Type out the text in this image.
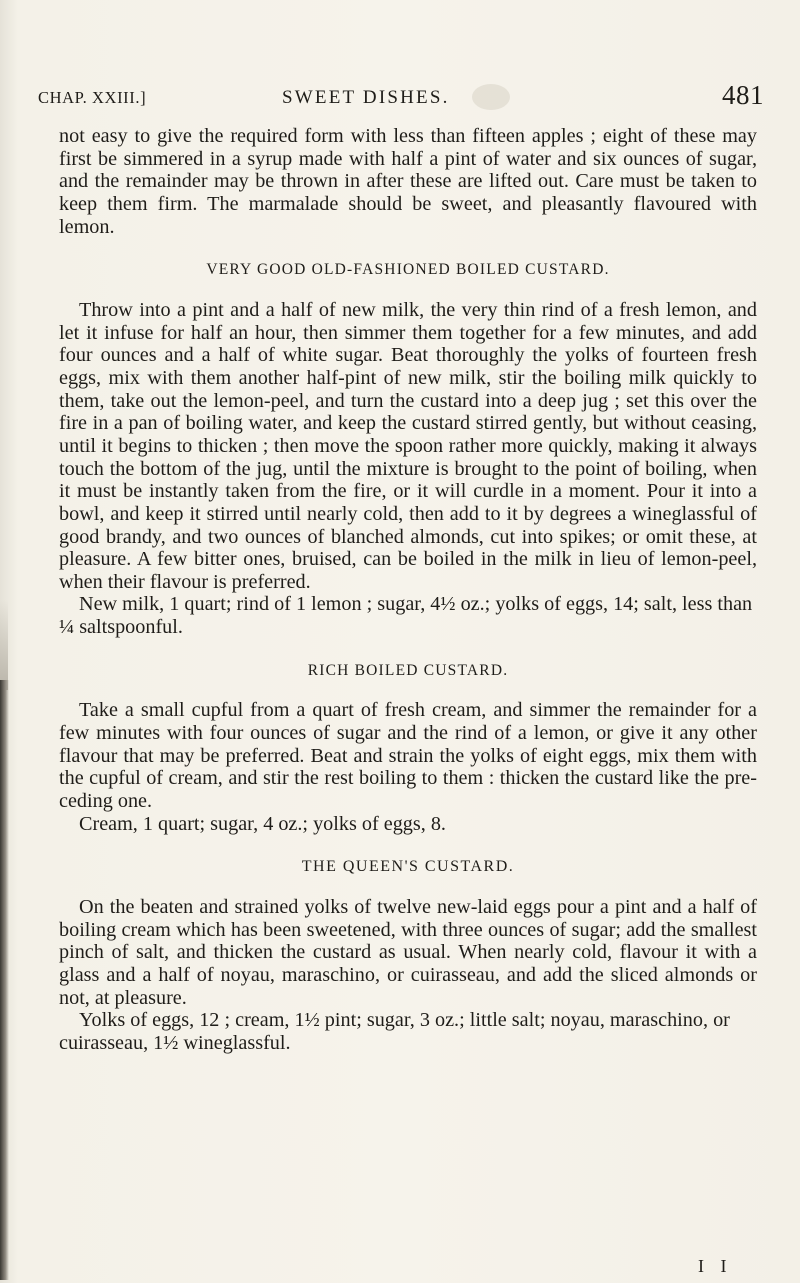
CHAP. XXIII.]	SWEET DISHES.	481

not easy to give the required form with less than fifteen apples ; eight of these may first be simmered in a syrup made with half a pint of water and six ounces of sugar, and the remainder may be thrown in after these are lifted out. Care must be taken to keep them firm. The marmalade should be sweet, and pleasantly flavoured with lemon.

VERY GOOD OLD-FASHIONED BOILED CUSTARD.

Throw into a pint and a half of new milk, the very thin rind of a fresh lemon, and let it infuse for half an hour, then simmer them together for a few minutes, and add four ounces and a half of white sugar. Beat thoroughly the yolks of fourteen fresh eggs, mix with them another half-pint of new milk, stir the boiling milk quickly to them, take out the lemon-peel, and turn the custard into a deep jug ; set this over the fire in a pan of boiling water, and keep the custard stirred gently, but without ceasing, until it begins to thicken ; then move the spoon rather more quickly, making it always touch the bottom of the jug, until the mixture is brought to the point of boiling, when it must be instantly taken from the fire, or it will curdle in a moment. Pour it into a bowl, and keep it stirred until nearly cold, then add to it by degrees a wineglassful of good brandy, and two ounces of blanched almonds, cut into spikes; or omit these, at pleasure. A few bitter ones, bruised, can be boiled in the milk in lieu of lemon-peel, when their flavour is preferred.

New milk, 1 quart; rind of 1 lemon ; sugar, 4½ oz.; yolks of eggs, 14; salt, less than ¼ saltspoonful.

RICH BOILED CUSTARD.

Take a small cupful from a quart of fresh cream, and simmer the remainder for a few minutes with four ounces of sugar and the rind of a lemon, or give it any other flavour that may be preferred. Beat and strain the yolks of eight eggs, mix them with the cupful of cream, and stir the rest boiling to them : thicken the custard like the preceding one.

Cream, 1 quart; sugar, 4 oz.; yolks of eggs, 8.

THE QUEEN'S CUSTARD.

On the beaten and strained yolks of twelve new-laid eggs pour a pint and a half of boiling cream which has been sweetened, with three ounces of sugar; add the smallest pinch of salt, and thicken the custard as usual. When nearly cold, flavour it with a glass and a half of noyau, maraschino, or cuirasseau, and add the sliced almonds or not, at pleasure.

Yolks of eggs, 12 ; cream, 1½ pint; sugar, 3 oz.; little salt; noyau, maraschino, or cuirasseau, 1½ wineglassful.

I I
